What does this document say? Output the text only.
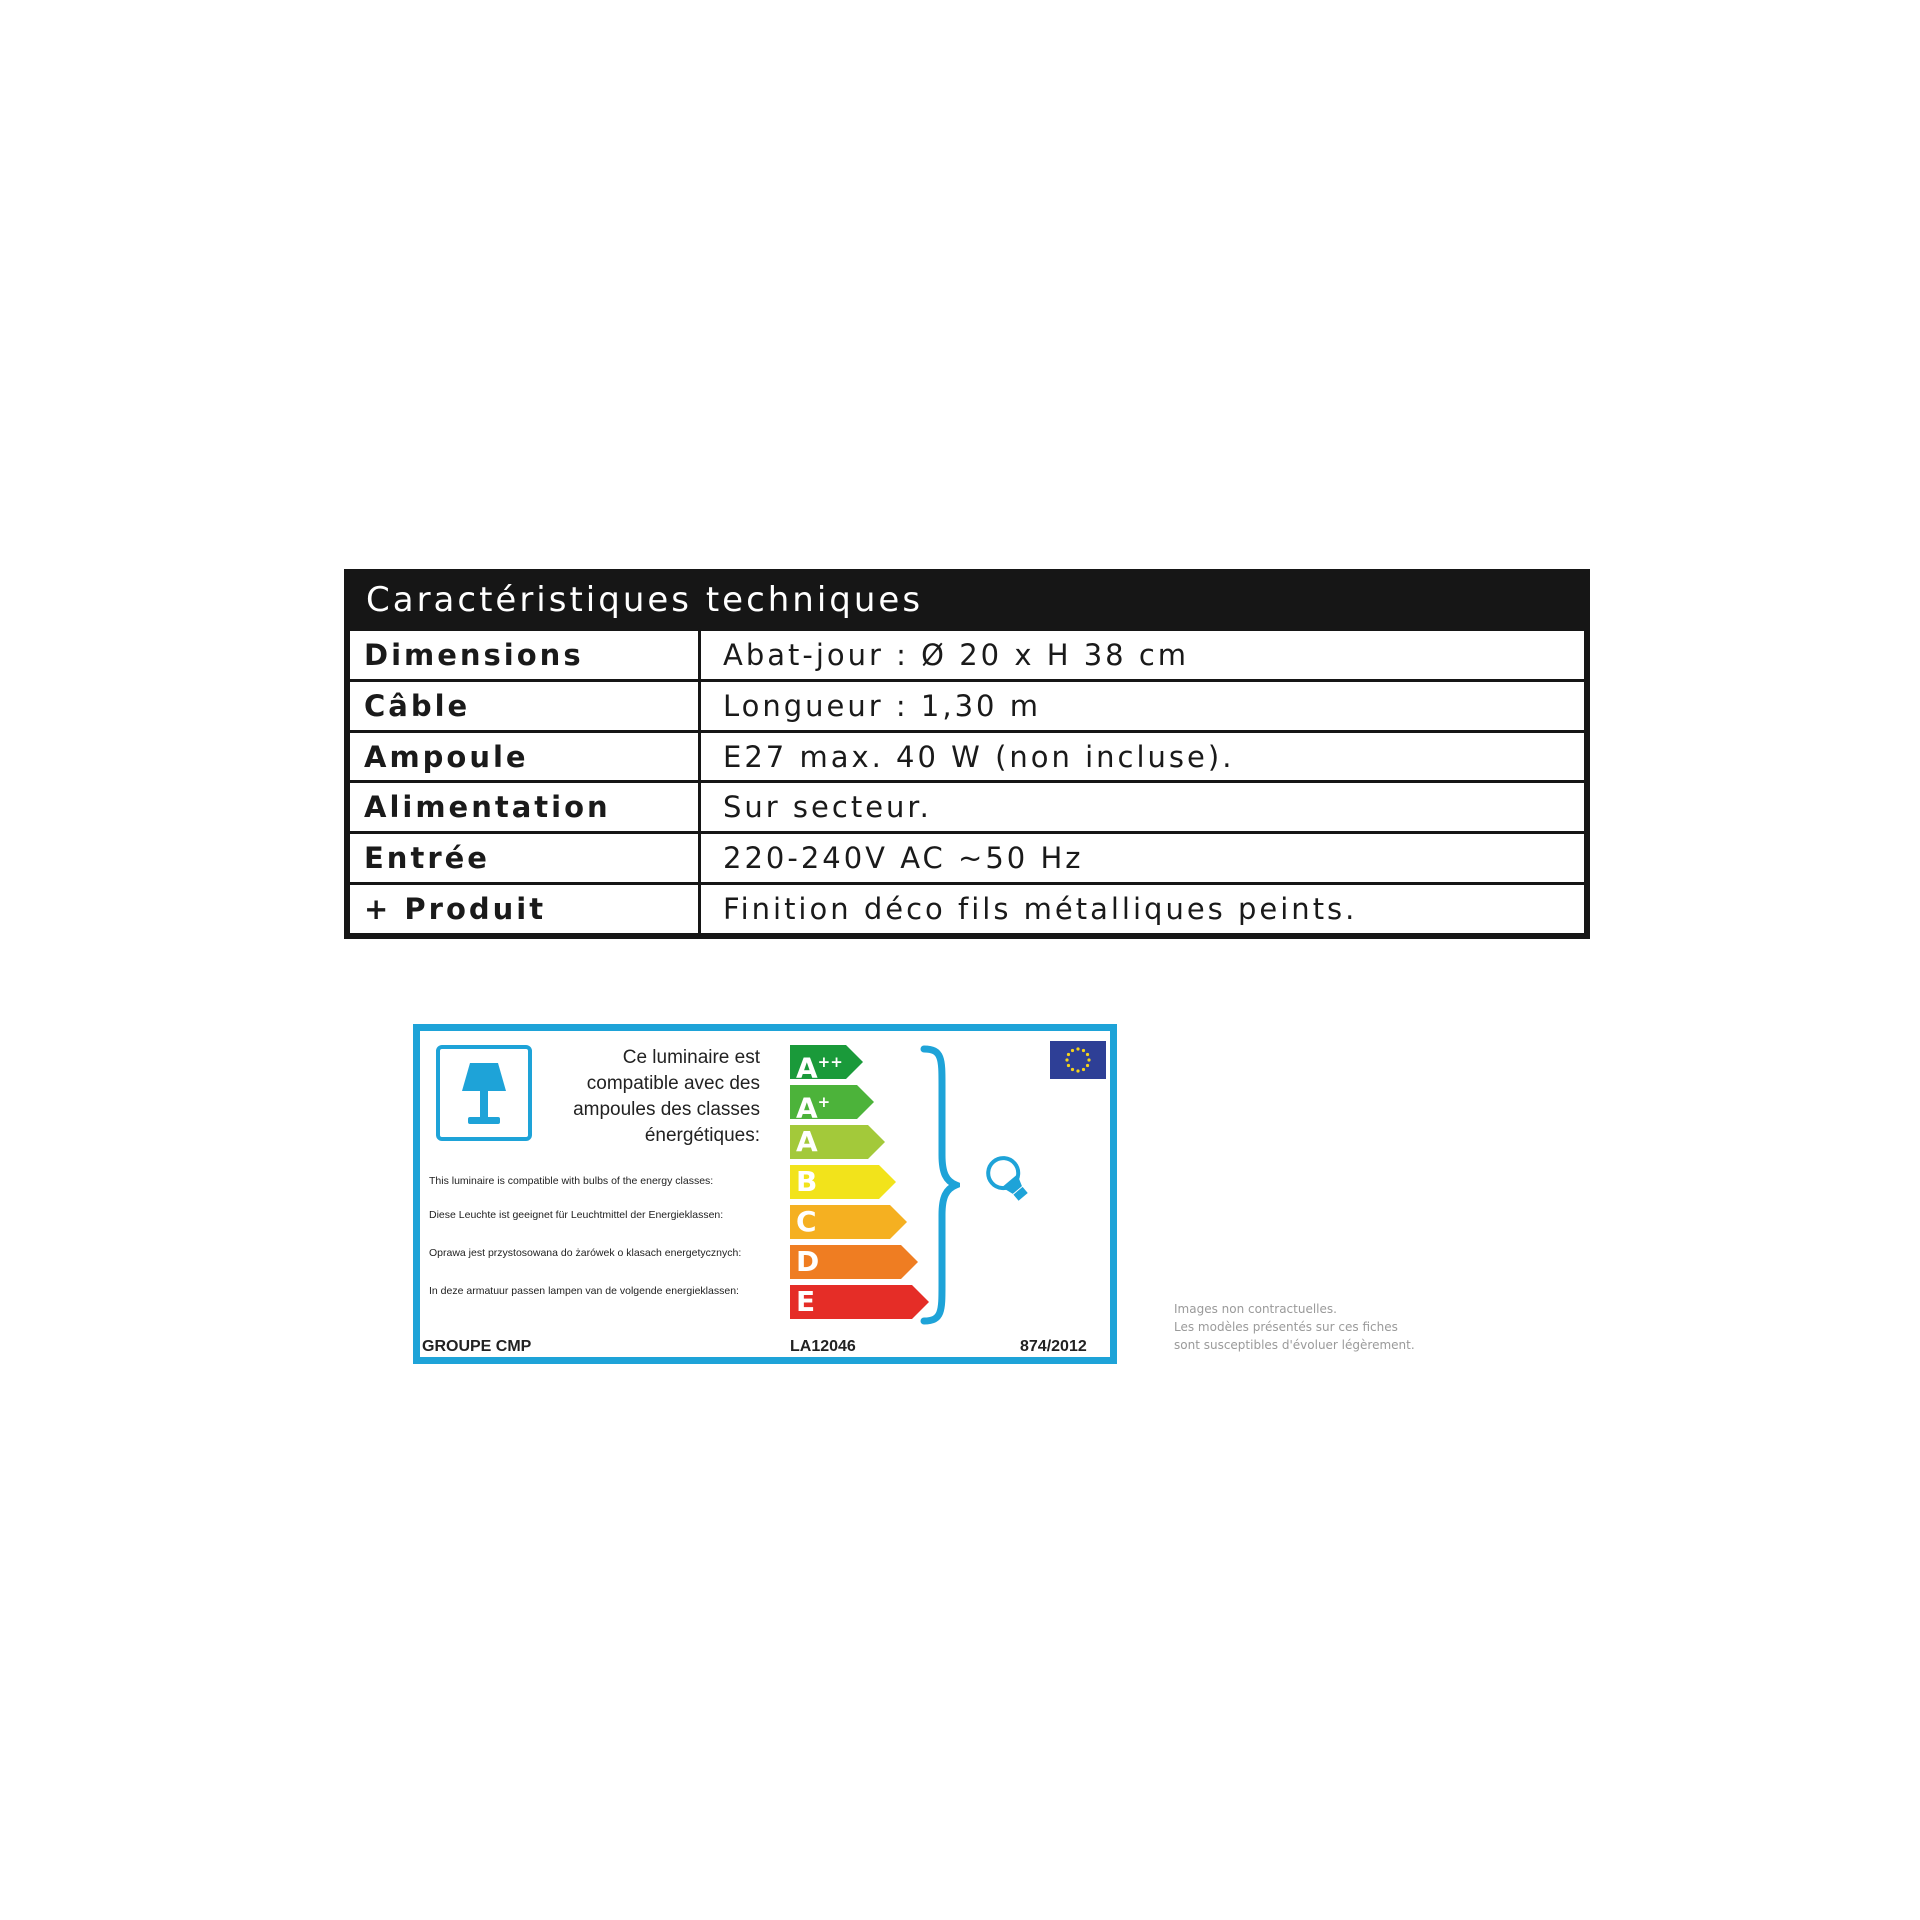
Caractéristiques techniques
Dimensions	Abat-jour : Ø 20 x H 38 cm
Câble	Longueur : 1,30 m
Ampoule	E27 max. 40 W (non incluse).
Alimentation	Sur secteur.
Entrée	220-240V AC ~50 Hz
+ Produit	Finition déco fils métalliques peints.
Ce luminaire est
compatible avec des
ampoules des classes
énergétiques:
This luminaire is compatible with bulbs of the energy classes:
Diese Leuchte ist geeignet für Leuchtmittel der Energieklassen:
Oprawa jest przystosowana do żarówek o klasach energetycznych:
In deze armatuur passen lampen van de volgende energieklassen:
A++
A+
A
B
C
D
E
GROUPE CMP	LA12046	874/2012
Images non contractuelles.
Les modèles présentés sur ces fiches
sont susceptibles d'évoluer légèrement.
